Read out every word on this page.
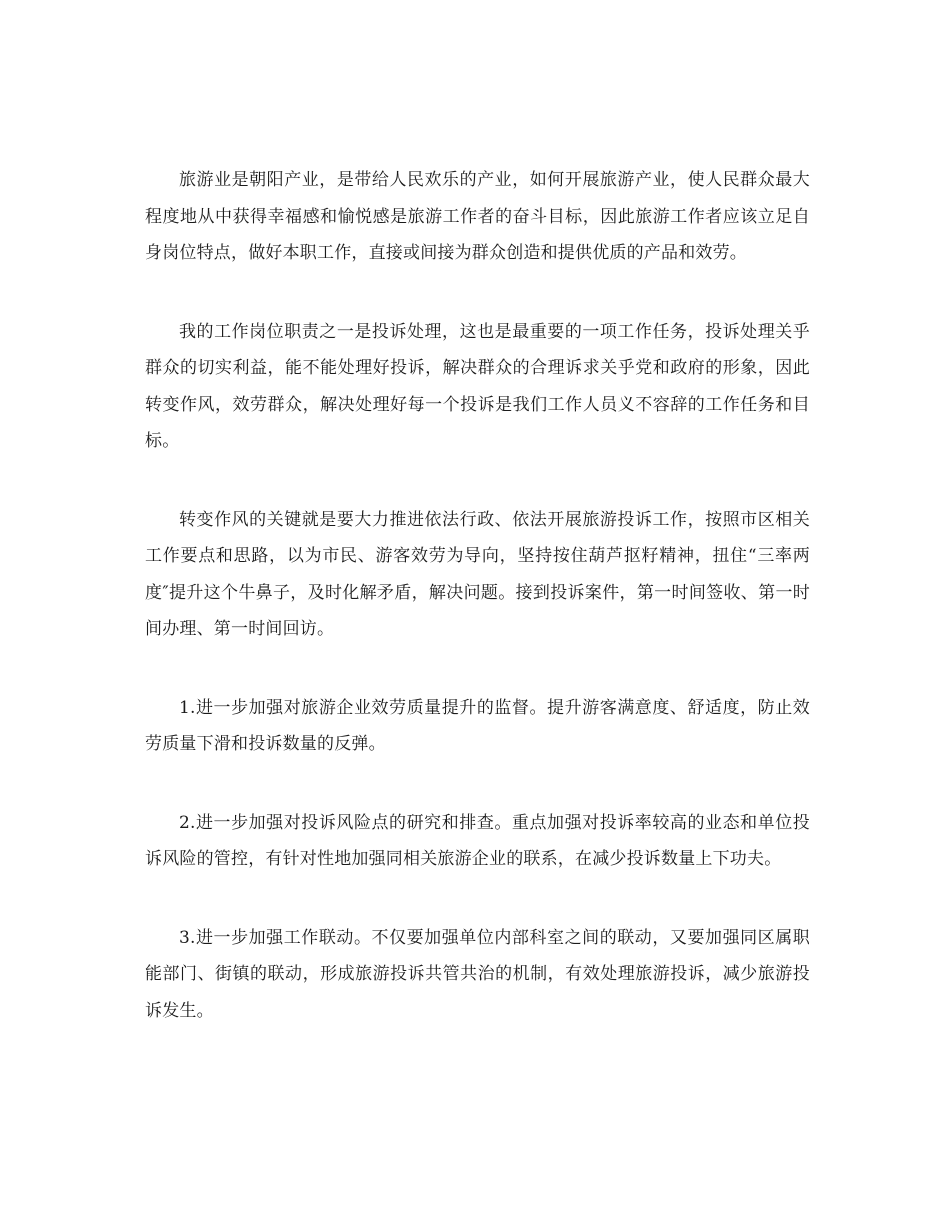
旅游业是朝阳产业，是带给人民欢乐的产业，如何开展旅游产业，使人民群众最大程度地从中获得幸福感和愉悦感是旅游工作者的奋斗目标，因此旅游工作者应该立足自身岗位特点，做好本职工作，直接或间接为群众创造和提供优质的产品和效劳。

我的工作岗位职责之一是投诉处理，这也是最重要的一项工作任务，投诉处理关乎群众的切实利益，能不能处理好投诉，解决群众的合理诉求关乎党和政府的形象，因此转变作风，效劳群众，解决处理好每一个投诉是我们工作人员义不容辞的工作任务和目标。

转变作风的关键就是要大力推进依法行政、依法开展旅游投诉工作，按照市区相关工作要点和思路，以为市民、游客效劳为导向，坚持按住葫芦抠籽精神，扭住“三率两度″提升这个牛鼻子，及时化解矛盾，解决问题。接到投诉案件，第一时间签收、第一时间办理、第一时间回访。

1.进一步加强对旅游企业效劳质量提升的监督。提升游客满意度、舒适度，防止效劳质量下滑和投诉数量的反弹。

2.进一步加强对投诉风险点的研究和排查。重点加强对投诉率较高的业态和单位投诉风险的管控，有针对性地加强同相关旅游企业的联系，在减少投诉数量上下功夫。

3.进一步加强工作联动。不仅要加强单位内部科室之间的联动，又要加强同区属职能部门、街镇的联动，形成旅游投诉共管共治的机制，有效处理旅游投诉，减少旅游投诉发生。
